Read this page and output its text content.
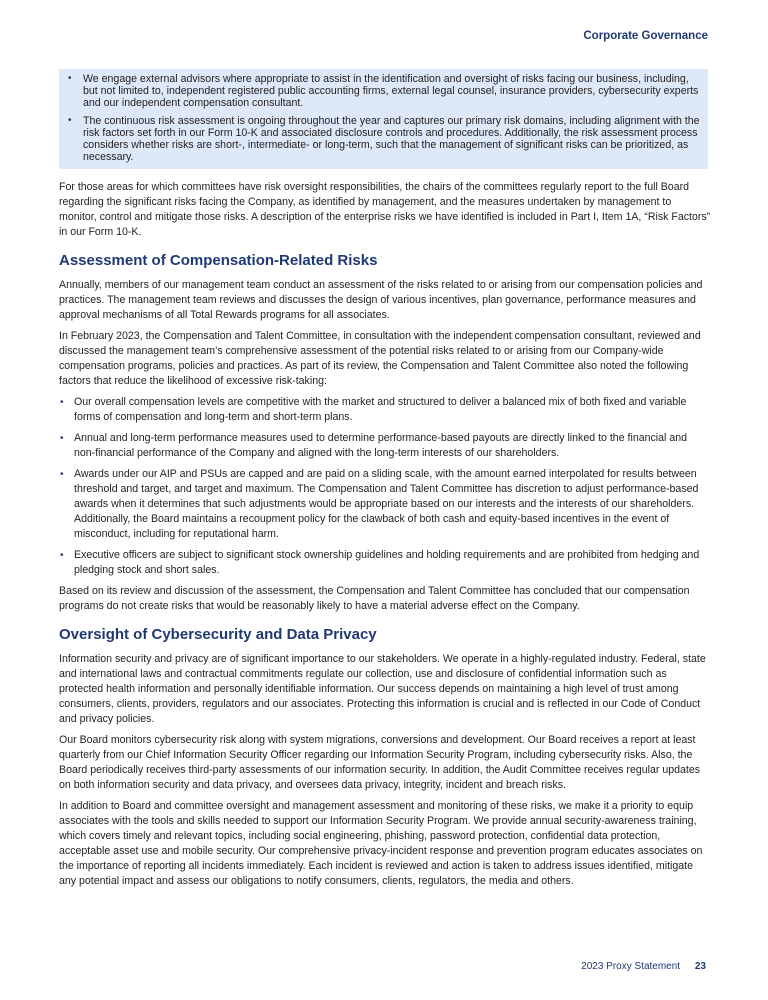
Corporate Governance
• We engage external advisors where appropriate to assist in the identification and oversight of risks facing our business, including, but not limited to, independent registered public accounting firms, external legal counsel, insurance providers, cybersecurity experts and our independent compensation consultant.
• The continuous risk assessment is ongoing throughout the year and captures our primary risk domains, including alignment with the risk factors set forth in our Form 10-K and associated disclosure controls and procedures. Additionally, the risk assessment process considers whether risks are short-, intermediate- or long-term, such that the management of significant risks can be prioritized, as necessary.

For those areas for which committees have risk oversight responsibilities, the chairs of the committees regularly report to the full Board regarding the significant risks facing the Company, as identified by management, and the measures undertaken by management to monitor, control and mitigate those risks. A description of the enterprise risks we have identified is included in Part I, Item 1A, “Risk Factors” in our Form 10-K.

Assessment of Compensation-Related Risks

Annually, members of our management team conduct an assessment of the risks related to or arising from our compensation policies and practices. The management team reviews and discusses the design of various incentives, plan governance, performance measures and approval mechanisms of all Total Rewards programs for all associates.

In February 2023, the Compensation and Talent Committee, in consultation with the independent compensation consultant, reviewed and discussed the management team’s comprehensive assessment of the potential risks related to or arising from our Company-wide compensation programs, policies and practices. As part of its review, the Compensation and Talent Committee also noted the following factors that reduce the likelihood of excessive risk-taking:

• Our overall compensation levels are competitive with the market and structured to deliver a balanced mix of both fixed and variable forms of compensation and long-term and short-term plans.
• Annual and long-term performance measures used to determine performance-based payouts are directly linked to the financial and non-financial performance of the Company and aligned with the long-term interests of our shareholders.
• Awards under our AIP and PSUs are capped and are paid on a sliding scale, with the amount earned interpolated for results between threshold and target, and target and maximum. The Compensation and Talent Committee has discretion to adjust performance-based awards when it determines that such adjustments would be appropriate based on our interests and the interests of our shareholders. Additionally, the Board maintains a recoupment policy for the clawback of both cash and equity-based incentives in the event of misconduct, including for reputational harm.
• Executive officers are subject to significant stock ownership guidelines and holding requirements and are prohibited from hedging and pledging stock and short sales.

Based on its review and discussion of the assessment, the Compensation and Talent Committee has concluded that our compensation programs do not create risks that would be reasonably likely to have a material adverse effect on the Company.

Oversight of Cybersecurity and Data Privacy

Information security and privacy are of significant importance to our stakeholders. We operate in a highly-regulated industry. Federal, state and international laws and contractual commitments regulate our collection, use and disclosure of confidential information such as protected health information and personally identifiable information. Our success depends on maintaining a high level of trust among consumers, clients, providers, regulators and our associates. Protecting this information is crucial and is reflected in our Code of Conduct and privacy policies.

Our Board monitors cybersecurity risk along with system migrations, conversions and development. Our Board receives a report at least quarterly from our Chief Information Security Officer regarding our Information Security Program, including cybersecurity risks. Also, the Board periodically receives third-party assessments of our information security. In addition, the Audit Committee receives regular updates on both information security and data privacy, and oversees data privacy, integrity, incident and breach risks.

In addition to Board and committee oversight and management assessment and monitoring of these risks, we make it a priority to equip associates with the tools and skills needed to support our Information Security Program. We provide annual security-awareness training, which covers timely and relevant topics, including social engineering, phishing, password protection, confidential data protection, acceptable asset use and mobile security. Our comprehensive privacy-incident response and prevention program educates associates on the importance of reporting all incidents immediately. Each incident is reviewed and action is taken to address issues identified, mitigate any potential impact and assess our obligations to notify consumers, clients, regulators, the media and others.

2023 Proxy Statement 23
